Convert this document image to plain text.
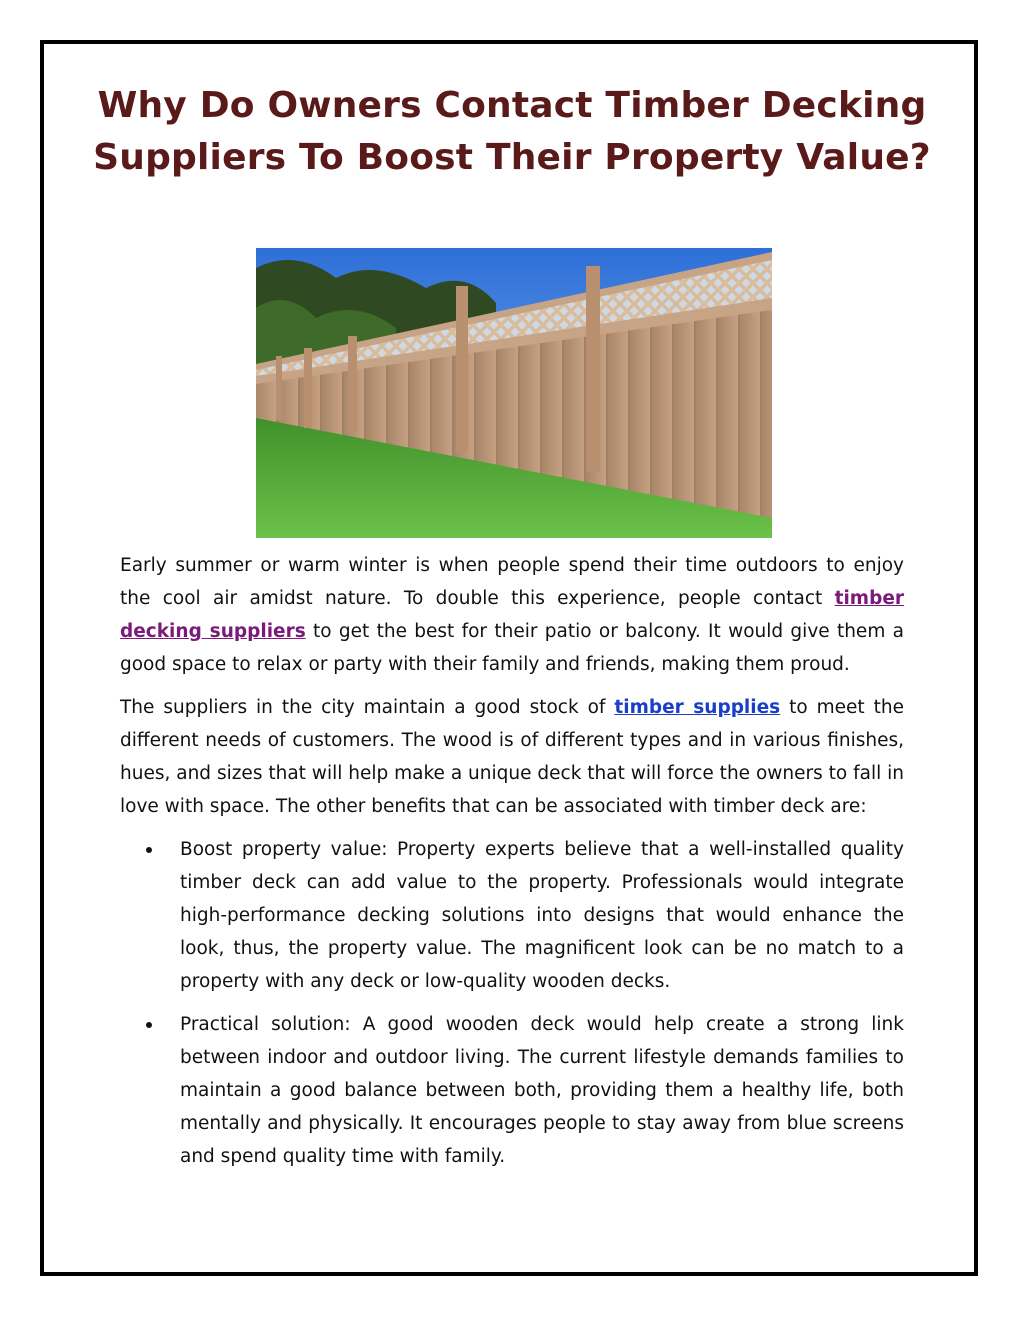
Why Do Owners Contact Timber Decking
Suppliers To Boost Their Property Value?

Early summer or warm winter is when people spend their time outdoors to enjoy the cool air amidst nature. To double this experience, people contact timber decking suppliers to get the best for their patio or balcony. It would give them a good space to relax or party with their family and friends, making them proud.

The suppliers in the city maintain a good stock of timber supplies to meet the different needs of customers. The wood is of different types and in various finishes, hues, and sizes that will help make a unique deck that will force the owners to fall in love with space. The other benefits that can be associated with timber deck are:

Boost property value: Property experts believe that a well-installed quality timber deck can add value to the property. Professionals would integrate high-performance decking solutions into designs that would enhance the look, thus, the property value. The magnificent look can be no match to a property with any deck or low-quality wooden decks.
Practical solution: A good wooden deck would help create a strong link between indoor and outdoor living. The current lifestyle demands families to maintain a good balance between both, providing them a healthy life, both mentally and physically. It encourages people to stay away from blue screens and spend quality time with family.
